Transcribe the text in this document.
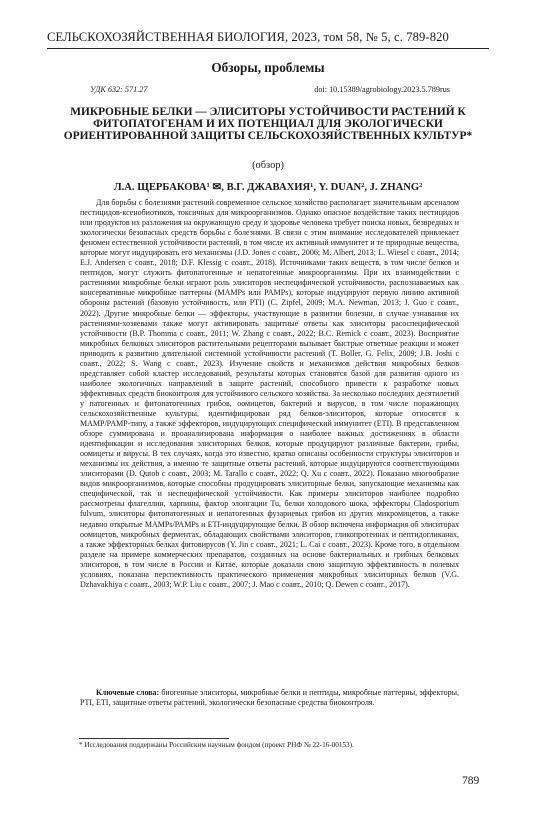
СЕЛЬСКОХОЗЯЙСТВЕННАЯ БИОЛОГИЯ, 2023, том 58, № 5, с. 789-820
Обзоры, проблемы
УДК 632: 571.27	doi: 10.15389/agrobiology.2023.5.789rus
МИКРОБНЫЕ БЕЛКИ — ЭЛИСИТОРЫ УСТОЙЧИВОСТИ РАСТЕНИЙ К ФИТОПАТОГЕНАМ И ИХ ПОТЕНЦИАЛ ДЛЯ ЭКОЛОГИЧЕСКИ ОРИЕНТИРОВАННОЙ ЗАЩИТЫ СЕЛЬСКОХОЗЯЙСТВЕННЫХ КУЛЬТУР*
(обзор)
Л.А. ЩЕРБАКОВА¹ ✉, В.Г. ДЖАВАХИЯ¹, Y. DUAN², J. ZHANG²

Для борьбы с болезнями растений современное сельское хозяйство располагает значительным арсеналом пестицидов-ксенобиотиков, токсичных для микроорганизмов. Однако опасное воздействие таких пестицидов или продуктов их разложения на окружающую среду и здоровье человека требует поиска новых, безвредных и экологически безопасных средств борьбы с болезнями. В связи с этим внимание исследователей привлекает феномен естественной устойчивости растений, в том числе их активный иммунитет и те природные вещества, которые могут индуцировать его механизмы (J.D. Jones с соавт., 2006; M. Albert, 2013; L. Wiesel с соавт., 2014; E.J. Andersen с соавт., 2018; D.F. Klessig с соавт., 2018). Источниками таких веществ, в том числе белков и пептидов, могут служить фитопатогенные и непатогенные микроорганизмы. При их взаимодействии с растениями микробные белки играют роль элиситоров неспецифической устойчивости, распознаваемых как консервативные микробные паттерны (MAMPs или PAMPs), которые индуцируют первую линию активной обороны растений (базовую устойчивость, или PTI) (C. Zipfel, 2009; M.A. Newman, 2013; J. Guo с соавт., 2022). Другие микробные белки — эффекторы, участвующие в развитии болезни, в случае узнавания их растениями-хозяевами также могут активировать защитные ответы как элиситоры расоспецифической устойчивости (B.P. Thomma с соавт., 2011; W. Zhang с соавт., 2022; B.C. Remick с соавт., 2023). Восприятие микробных белковых элиситоров растительными рецепторами вызывает быстрые ответные реакции и может приводить к развитию длительной системной устойчивости растений (T. Boller, G. Felix, 2009; J.B. Joshi с соавт., 2022; S. Wang с соавт., 2023). Изучение свойств и механизмов действия микробных белков представляет собой кластер исследований, результаты которых становятся базой для развития одного из наиболее экологичных направлений в защите растений, способного привести к разработке новых эффективных средств биоконтроля для устойчивого сельского хозяйства. За несколько последних десятилетий у патогенных и фитопатогенных грибов, оомицетов, бактерий и вирусов, в том числе поражающих сельскохозяйственные культуры, идентифицирован ряд белков-элиситоров, которые относятся к MAMP/PAMP-типу, а также эффекторов, индуцирующих специфический иммунитет (ETI). В представленном обзоре суммирована и проанализирована информация о наиболее важных достижениях в области идентификации и исследования элиситорных белков, которые продуцируют различные бактерии, грибы, оомицеты и вирусы. В тех случаях, когда это известно, кратко описаны особенности структуры элиситоров и механизмы их действия, а именно те защитные ответы растений, которые индуцируются соответствующими элиситорами (D. Qutob с соавт., 2003; M. Tarallo с соавт., 2022; Q. Xu с соавт., 2022). Показано многообразие видов микроорганизмов, которые способны продуцировать элиситорные белки, запускающие механизмы как специфической, так и неспецифической устойчивости. Как примеры элиситоров наиболее подробно рассмотрены флагеллин, харпины, фактор элонгации Tu, белки холодового шока, эффекторы Cladosporium fulvum, элиситоры фитопатогенных и непатогенных фузариевых грибов из других микромицетов, а также недавно открытые MAMPs/PAMPs и ETI-индуцирующие белки. В обзор включена информация об элиситорах оомицетов, микробных ферментах, обладающих свойствами элиситоров, гликопротеинах и пептидогликанах, а также эффекторных белках фитовирусов (Y. Jin с соавт., 2021; L. Cai с соавт., 2023). Кроме того, в отдельном разделе на примере коммерческих препаратов, созданных на основе бактериальных и грибных белковых элиситоров, в том числе в России и Китае, которые доказали свою защитную эффективность в полевых условиях, показана перспективность практического применения микробных элиситорных белков (V.G. Dzhavakhiya с соавт., 2003; W.P. Liu с соавт., 2007; J. Mao с соавт., 2010; Q. Dewen с соавт., 2017).

Ключевые слова: биогенные элиситоры, микробные белки и пептиды, микробные паттерны, эффекторы, PTI, ETI, защитные ответы растений, экологически безопасные средства биоконтроля.

* Исследования поддержаны Российским научным фондом (проект РНФ № 22-16-00153).
789
